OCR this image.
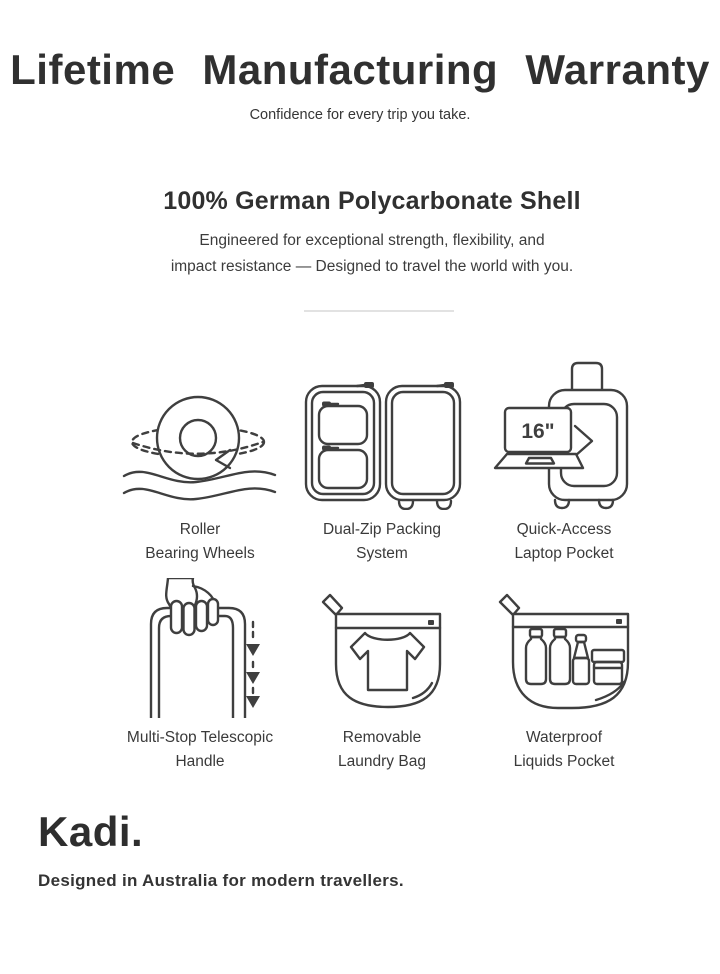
Lifetime Manufacturing Warranty

Confidence for every trip you take.

100% German Polycarbonate Shell

Engineered for exceptional strength, flexibility, and
impact resistance — Designed to travel the world with you.

Roller
Bearing Wheels
Dual-Zip Packing
System
16"
Quick-Access
Laptop Pocket
Multi-Stop Telescopic
Handle
Removable
Laundry Bag
Waterproof
Liquids Pocket
Kadi.

Designed in Australia for modern travellers.
